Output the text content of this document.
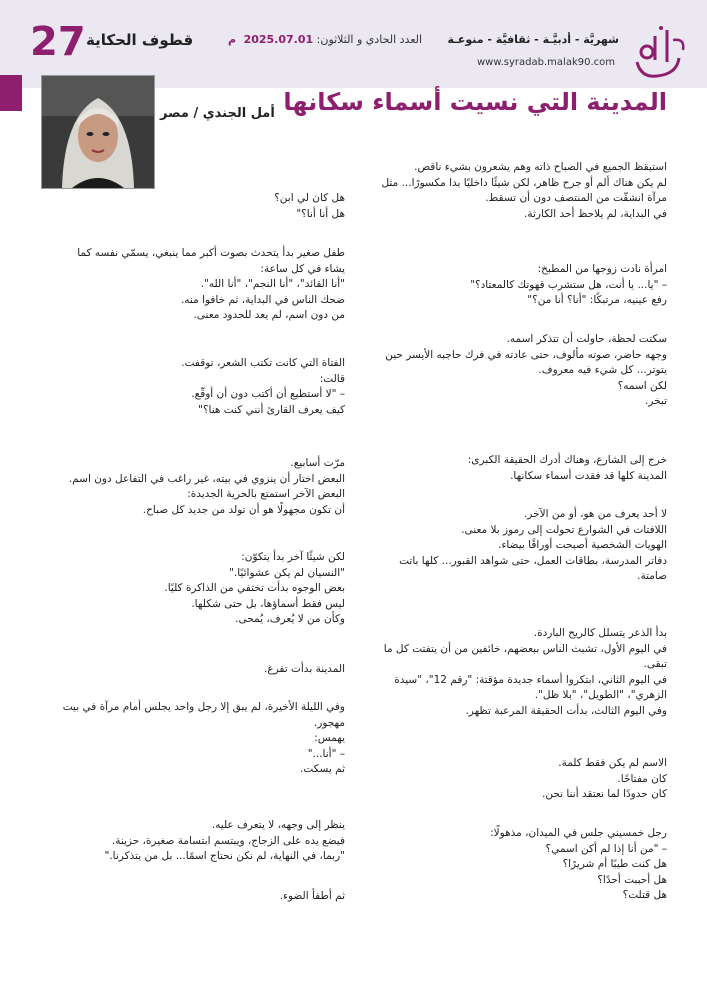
27 قطوف الحكاية	العدد الحادي و الثلاثون: 2025.07.01 م	شهريَّة - أدبيَّـة - ثقافيَّة - منوعـة
www.syradab.malak90.com
المدينة التي نسيت أسماء سكانها
أمل الجندي / مصر

استيقظ الجميع في الصباح ذاته وهم يشعرون بشيء ناقص.
لم يكن هناك ألم أو جرح ظاهر، لكن شيئًا داخليًا بدا مكسورًا... مثل
مرآة انشقّت من المنتصف دون أن تسقط.
في البداية، لم يلاحظ أحد الكارثة.

امرأة نادت زوجها من المطبخ:
– "يا... يا أنت، هل ستشرب قهوتك كالمعتاد؟"
رفع عينيه، مرتبكًا: "أنا؟ أنا من؟"

سكتت لحظة، حاولت أن تتذكر اسمه.
وجهه حاضر، صوته مألوف، حتى عادته في فرك حاجبه الأيسر حين
يتوتر... كل شيء فيه معروف.
لكن اسمه؟
تبخر.

خرج إلى الشارع، وهناك أدرك الحقيقة الكبرى:
المدينة كلها قد فقدت أسماء سكانها.

لا أحد يعرف من هو، أو من الآخر.
اللافتات في الشوارع تحولت إلى رموز بلا معنى.
الهويات الشخصية أصبحت أوراقًا بيضاء.
دفاتر المدرسة، بطاقات العمل، حتى شواهد القبور... كلها باتت
صامتة.

بدأ الذعر يتسلل كالريح الباردة.
في اليوم الأول، تشبث الناس ببعضهم، خائفين من أن يتفتت كل ما
تبقى.
في اليوم الثاني، ابتكروا أسماء جديدة مؤقتة: "رقم 12"، "سيدة
الزهري"، "الطويل"، "بلا ظل".
وفي اليوم الثالث، بدأت الحقيقة المرعبة تظهر.

الاسم لم يكن فقط كلمة.
كان مفتاحًا.
كان حدودًا لما نعتقد أننا نحن.

رجل خمسيني جلس في الميدان، مذهولًا:
– "من أنا إذا لم أكن اسمي؟
هل كنت طيبًا أم شريرًا؟
هل أحببت أحدًا؟
هل قتلت؟

هل كان لي ابن؟
هل أنا أنا؟"

طفل صغير بدأ يتحدث بصوت أكبر مما ينبغي، يسمّي نفسه كما
يشاء في كل ساعة:
"أنا القائد"، "أنا النجم"، "أنا الله".
ضحك الناس في البداية، ثم خافوا منه.
من دون اسم، لم يعد للحدود معنى.

الفتاة التي كانت تكتب الشعر، توقفت.
قالت:
– "لا أستطيع أن أكتب دون أن أوقّع.
كيف يعرف القارئ أنني كنت هنا؟"

مرّت أسابيع.
البعض اختار أن ينزوي في بيته، غير راغب في التفاعل دون اسم.
البعض الآخر استمتع بالحرية الجديدة:
أن تكون مجهولًا هو أن تولد من جديد كل صباح.

لكن شيئًا آخر بدأ يتكوّن:
"النسيان لم يكن عشوائيًا."
بعض الوجوه بدأت تختفي من الذاكرة كليًا.
ليس فقط أسماؤها، بل حتى شكلها.
وكأن من لا يُعرف، يُمحى.

المدينة بدأت تفرغ.

وفي الليلة الأخيرة، لم يبق إلا رجل واحد يجلس أمام مرآة في بيت
مهجور.
يهمس:
– "أنا..."
ثم يسكت.

ينظر إلى وجهه، لا يتعرف عليه.
فيضع يده على الزجاج، ويبتسم ابتسامة صغيرة، حزينة.
"ربما، في النهاية، لم نكن نحتاج اسمًا... بل من يتذكرنا."

ثم أطفأ الضوء.
